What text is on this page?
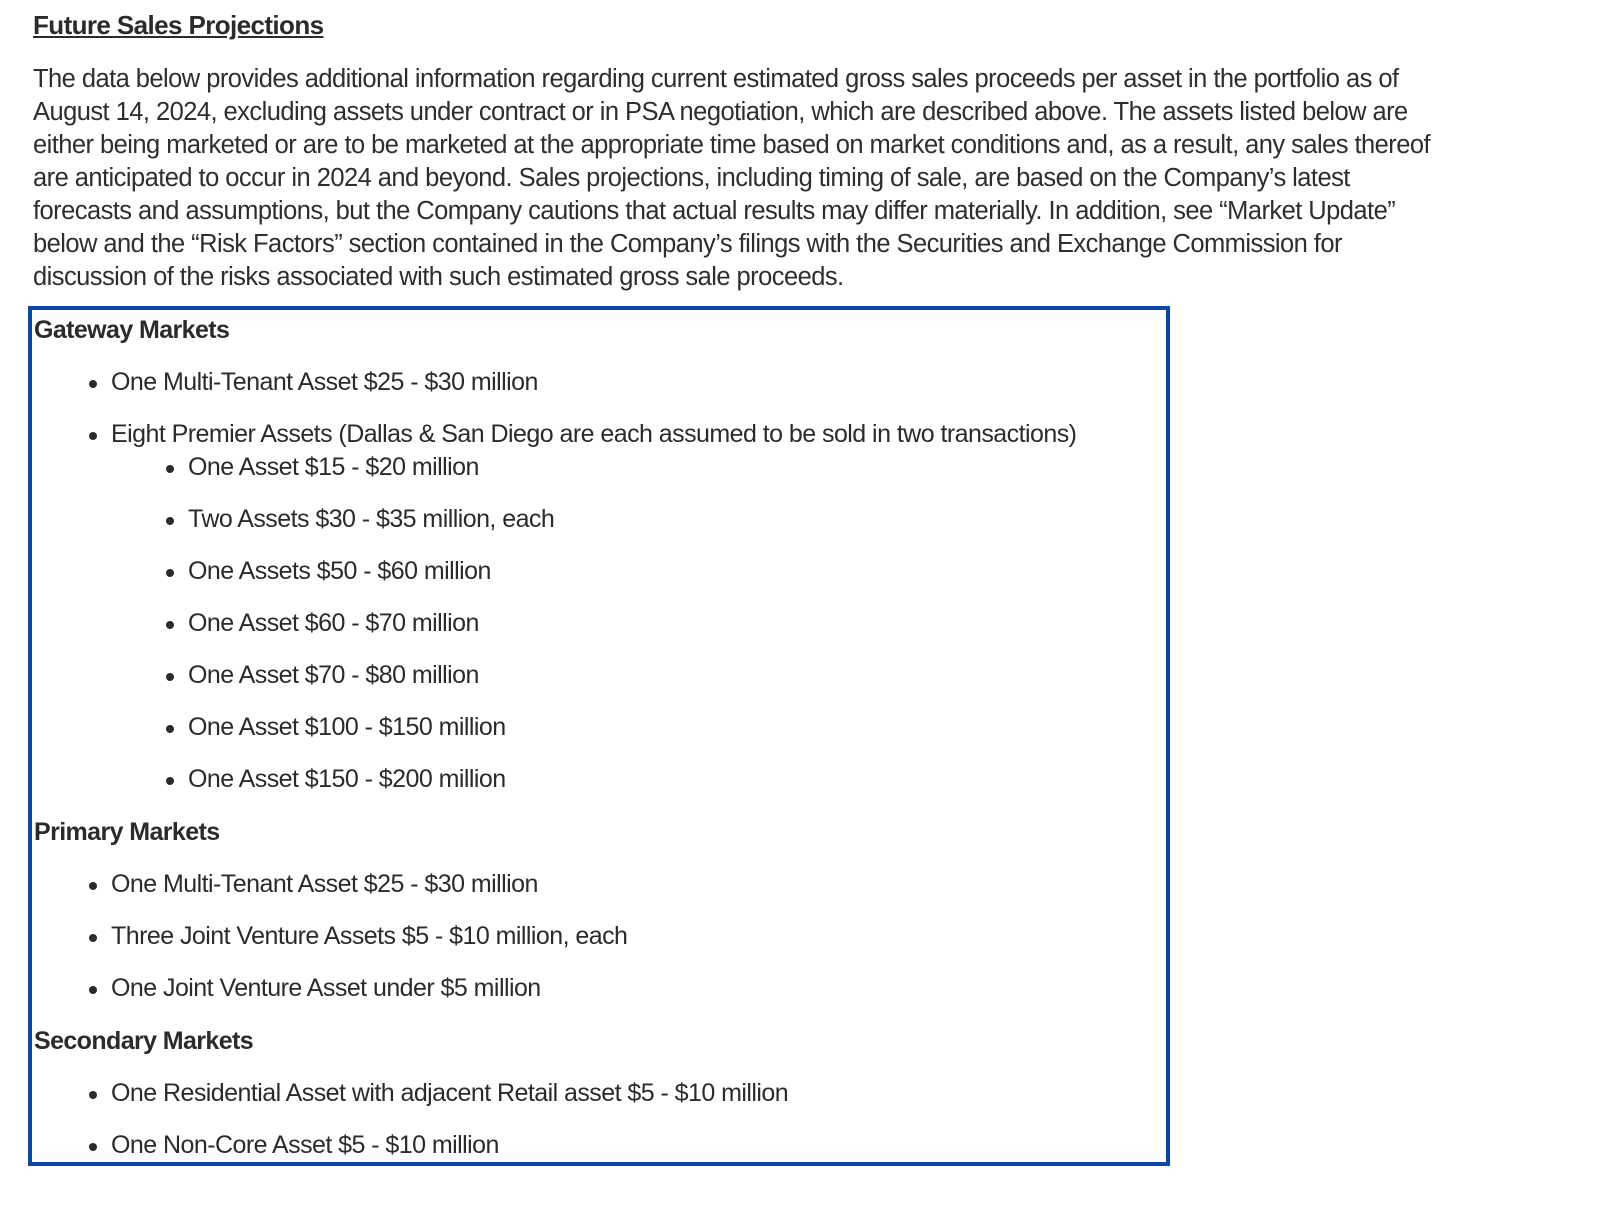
Future Sales Projections

The data below provides additional information regarding current estimated gross sales proceeds per asset in the portfolio as of
August 14, 2024, excluding assets under contract or in PSA negotiation, which are described above. The assets listed below are
either being marketed or are to be marketed at the appropriate time based on market conditions and, as a result, any sales thereof
are anticipated to occur in 2024 and beyond. Sales projections, including timing of sale, are based on the Company’s latest
forecasts and assumptions, but the Company cautions that actual results may differ materially. In addition, see “Market Update”
below and the “Risk Factors” section contained in the Company’s filings with the Securities and Exchange Commission for
discussion of the risks associated with such estimated gross sale proceeds.

Gateway Markets
One Multi-Tenant Asset $25 - $30 million
Eight Premier Assets (Dallas & San Diego are each assumed to be sold in two transactions)
One Asset $15 - $20 million
Two Assets $30 - $35 million, each
One Assets $50 - $60 million
One Asset $60 - $70 million
One Asset $70 - $80 million
One Asset $100 - $150 million
One Asset $150 - $200 million
Primary Markets
One Multi-Tenant Asset $25 - $30 million
Three Joint Venture Assets $5 - $10 million, each
One Joint Venture Asset under $5 million
Secondary Markets
One Residential Asset with adjacent Retail asset $5 - $10 million
One Non-Core Asset $5 - $10 million
